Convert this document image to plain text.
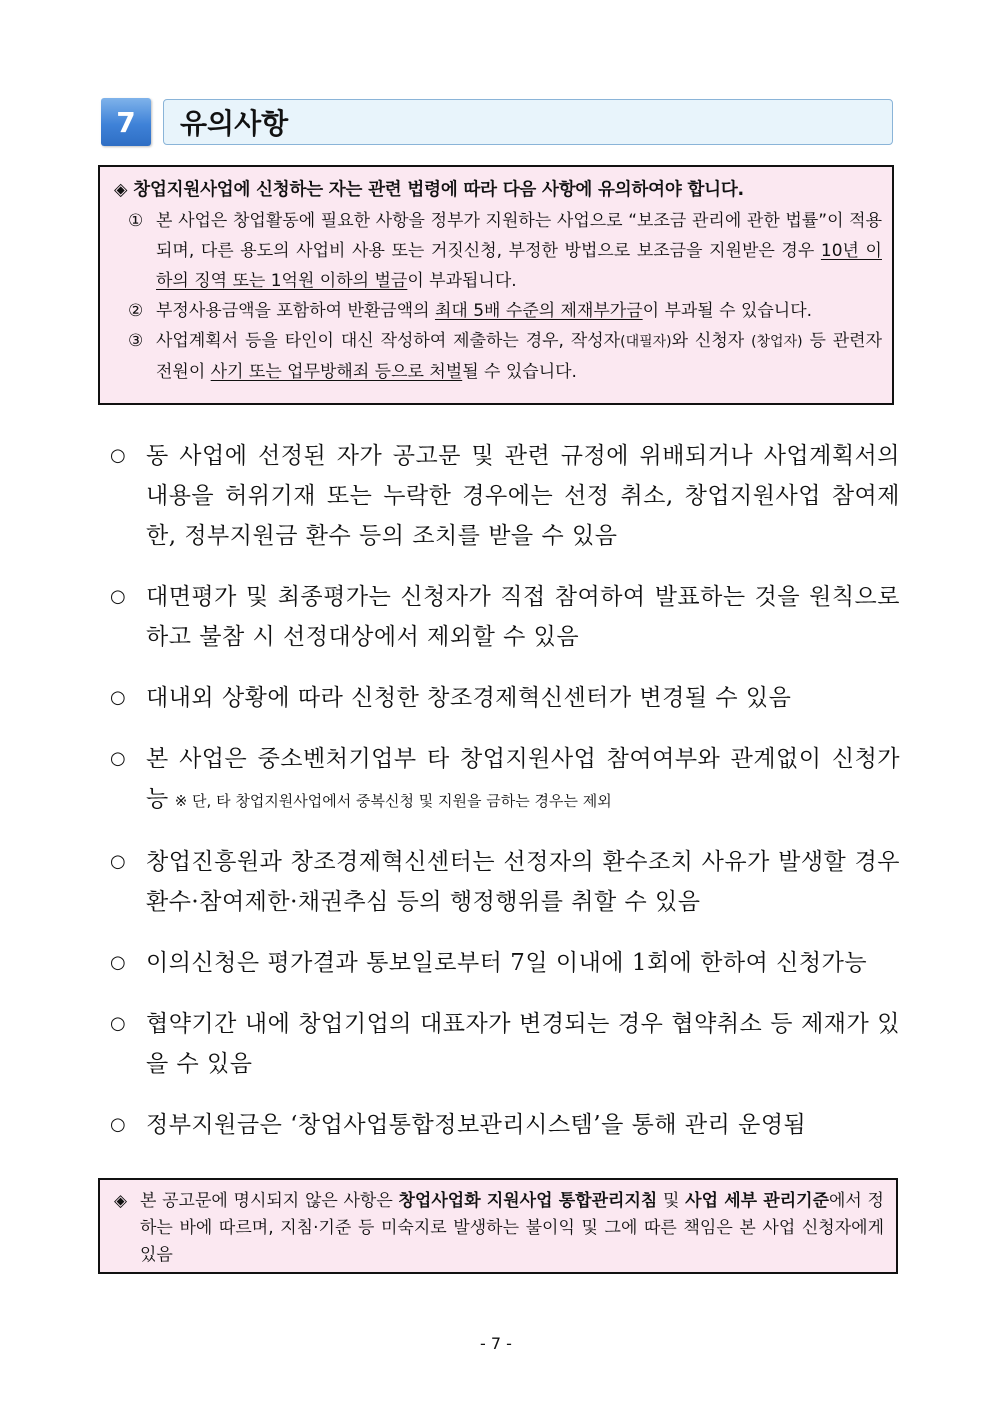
7	유의사항
◈ 창업지원사업에 신청하는 자는 관련 법령에 따라 다음 사항에 유의하여야 합니다.
① 본 사업은 창업활동에 필요한 사항을 정부가 지원하는 사업으로 “보조금 관리에 관한 법률”이 적용되며, 다른 용도의 사업비 사용 또는 거짓신청, 부정한 방법으로 보조금을 지원받은 경우 10년 이하의 징역 또는 1억원 이하의 벌금이 부과됩니다.
② 부정사용금액을 포함하여 반환금액의 최대 5배 수준의 제재부가금이 부과될 수 있습니다.
③ 사업계획서 등을 타인이 대신 작성하여 제출하는 경우, 작성자(대필자)와 신청자 (창업자) 등 관련자 전원이 사기 또는 업무방해죄 등으로 처벌될 수 있습니다.
○ 동 사업에 선정된 자가 공고문 및 관련 규정에 위배되거나 사업계획서의 내용을 허위기재 또는 누락한 경우에는 선정 취소, 창업지원사업 참여제한, 정부지원금 환수 등의 조치를 받을 수 있음
○ 대면평가 및 최종평가는 신청자가 직접 참여하여 발표하는 것을 원칙으로 하고 불참 시 선정대상에서 제외할 수 있음
○ 대내외 상황에 따라 신청한 창조경제혁신센터가 변경될 수 있음
○ 본 사업은 중소벤처기업부 타 창업지원사업 참여여부와 관계없이 신청가능 ※ 단, 타 창업지원사업에서 중복신청 및 지원을 금하는 경우는 제외
○ 창업진흥원과 창조경제혁신센터는 선정자의 환수조치 사유가 발생할 경우 환수·참여제한·채권추심 등의 행정행위를 취할 수 있음
○ 이의신청은 평가결과 통보일로부터 7일 이내에 1회에 한하여 신청가능
○ 협약기간 내에 창업기업의 대표자가 변경되는 경우 협약취소 등 제재가 있을 수 있음
○ 정부지원금은 ‘창업사업통합정보관리시스템’을 통해 관리 운영됨
◈ 본 공고문에 명시되지 않은 사항은 창업사업화 지원사업 통합관리지침 및 사업 세부 관리기준에서 정하는 바에 따르며, 지침·기준 등 미숙지로 발생하는 불이익 및 그에 따른 책임은 본 사업 신청자에게 있음
- 7 -
